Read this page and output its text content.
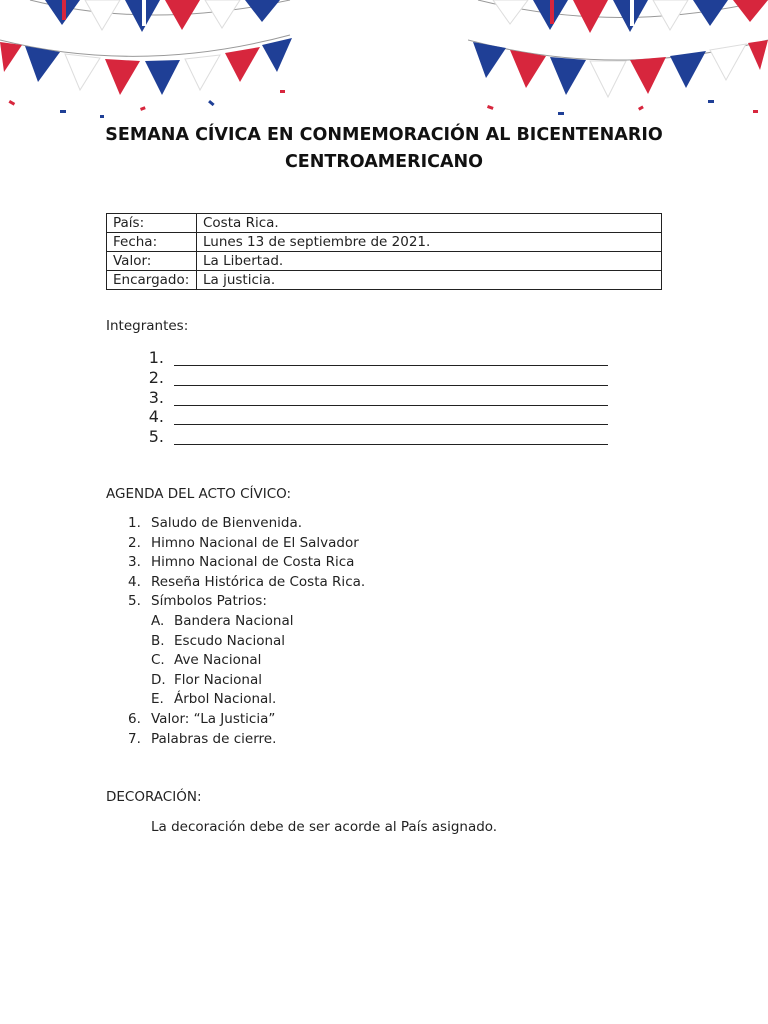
SEMANA CÍVICA EN CONMEMORACIÓN AL BICENTENARIO
CENTROAMERICANO
País:	Costa Rica.
Fecha:	Lunes 13 de septiembre de 2021.
Valor:	La Libertad.
Encargado:	La justicia.
Integrantes:
1.
2.
3.
4.
5.
AGENDA DEL ACTO CÍVICO:
1. Saludo de Bienvenida.
2. Himno Nacional de El Salvador
3. Himno Nacional de Costa Rica
4. Reseña Histórica de Costa Rica.
5. Símbolos Patrios:
A. Bandera Nacional
B. Escudo Nacional
C. Ave Nacional
D. Flor Nacional
E. Árbol Nacional.
6. Valor: “La Justicia”
7. Palabras de cierre.
DECORACIÓN:
La decoración debe de ser acorde al País asignado.
